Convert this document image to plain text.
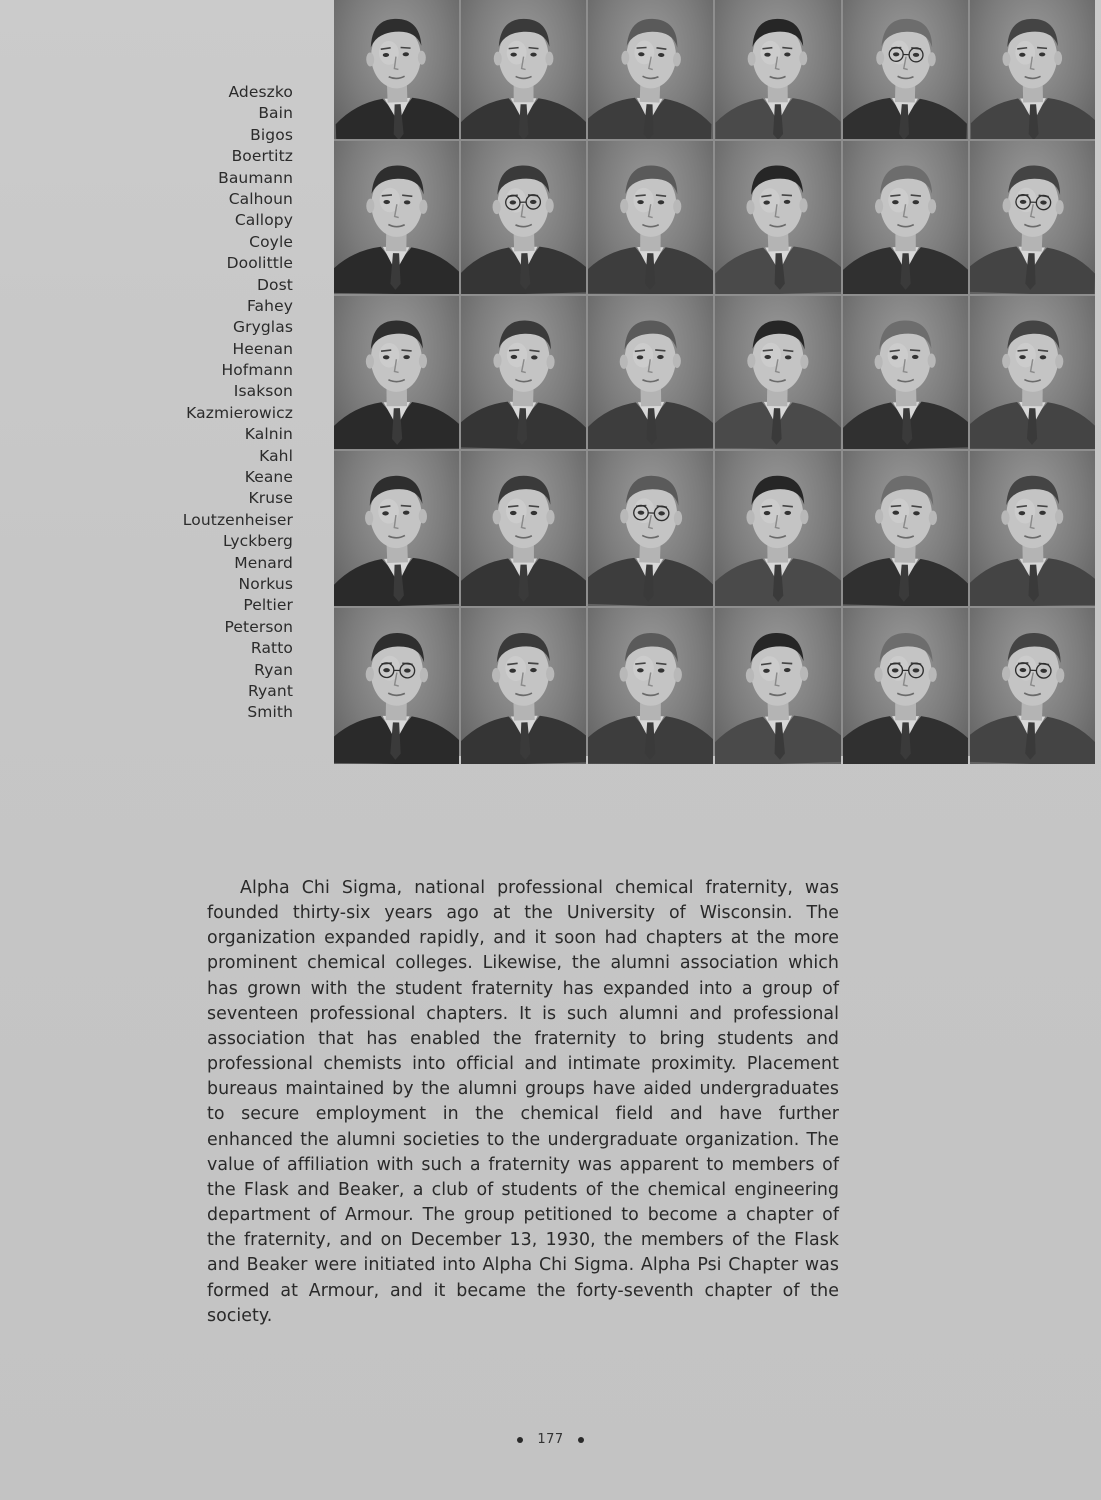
Adeszko
Bain
Bigos
Boertitz
Baumann
Calhoun
Callopy
Coyle
Doolittle
Dost
Fahey
Gryglas
Heenan
Hofmann
Isakson
Kazmierowicz
Kalnin
Kahl
Keane
Kruse
Loutzenheiser
Lyckberg
Menard
Norkus
Peltier
Peterson
Ratto
Ryan
Ryant
Smith

Alpha Chi Sigma, national professional chemical fraternity, was founded thirty-six years ago at the University of Wisconsin. The organization expanded rapidly, and it soon had chapters at the more prominent chemical colleges. Likewise, the alumni association which has grown with the student fraternity has expanded into a group of seventeen professional chapters. It is such alumni and professional association that has enabled the fraternity to bring students and professional chemists into official and intimate proximity. Placement bureaus maintained by the alumni groups have aided undergraduates to secure employment in the chemical field and have further enhanced the alumni societies to the undergraduate organization. The value of affiliation with such a fraternity was apparent to members of the Flask and Beaker, a club of students of the chemical engineering department of Armour. The group petitioned to become a chapter of the fraternity, and on December 13, 1930, the members of the Flask and Beaker were initiated into Alpha Chi Sigma. Alpha Psi Chapter was formed at Armour, and it became the forty-seventh chapter of the society.

177
